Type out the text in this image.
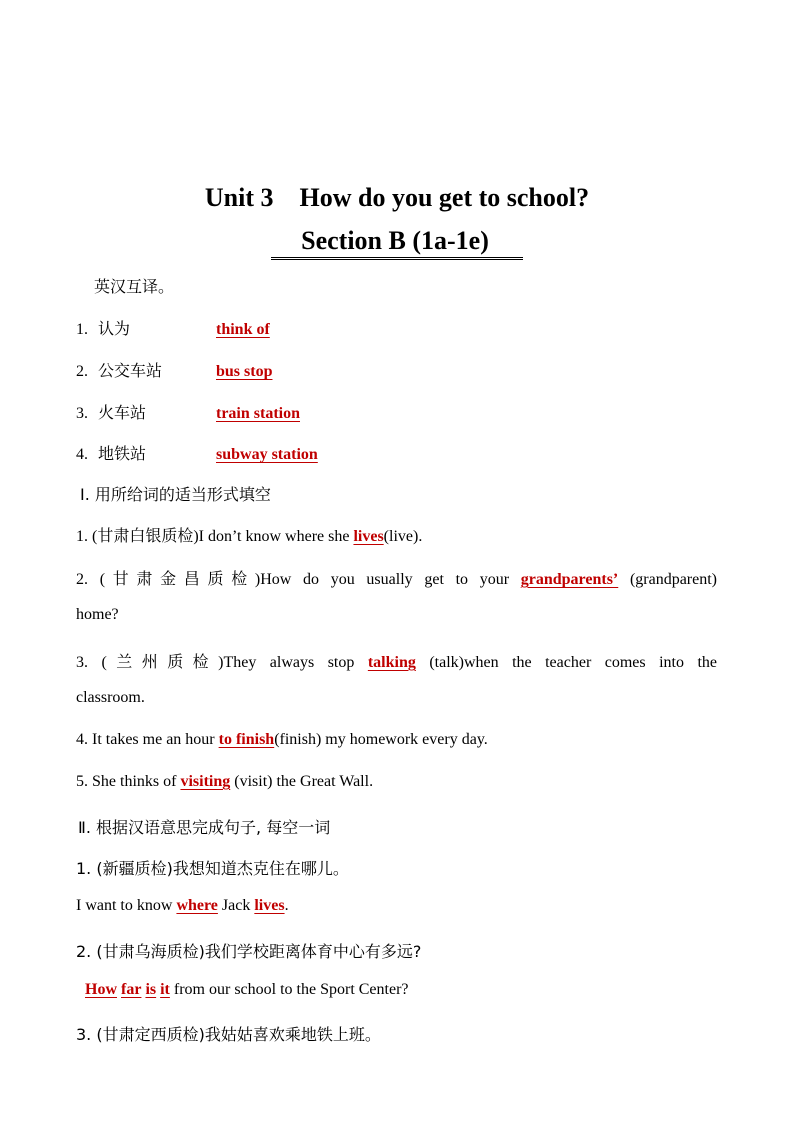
Unit 3    How do you get to school?
Section B (1a-1e)
英汉互译。
1. 认为	think of
2. 公交车站	bus stop
3. 火车站	train station
4. 地铁站	subway station
Ⅰ. 用所给词的适当形式填空
1. (甘肃白银质检)I don’t know where she lives(live).
2. (甘肃金昌质检)How do you usually get to your grandparents’ (grandparent)
home?
3. (兰州质检)They always stop talking (talk)when the teacher comes into the
classroom.
4. It takes me an hour to finish(finish) my homework every day.
5. She thinks of visiting (visit) the Great Wall.
Ⅱ. 根据汉语意思完成句子, 每空一词
1. (新疆质检)我想知道杰克住在哪儿。
I want to know where Jack lives.
2. (甘肃乌海质检)我们学校距离体育中心有多远?
How far is it from our school to the Sport Center?
3. (甘肃定西质检)我姑姑喜欢乘地铁上班。
